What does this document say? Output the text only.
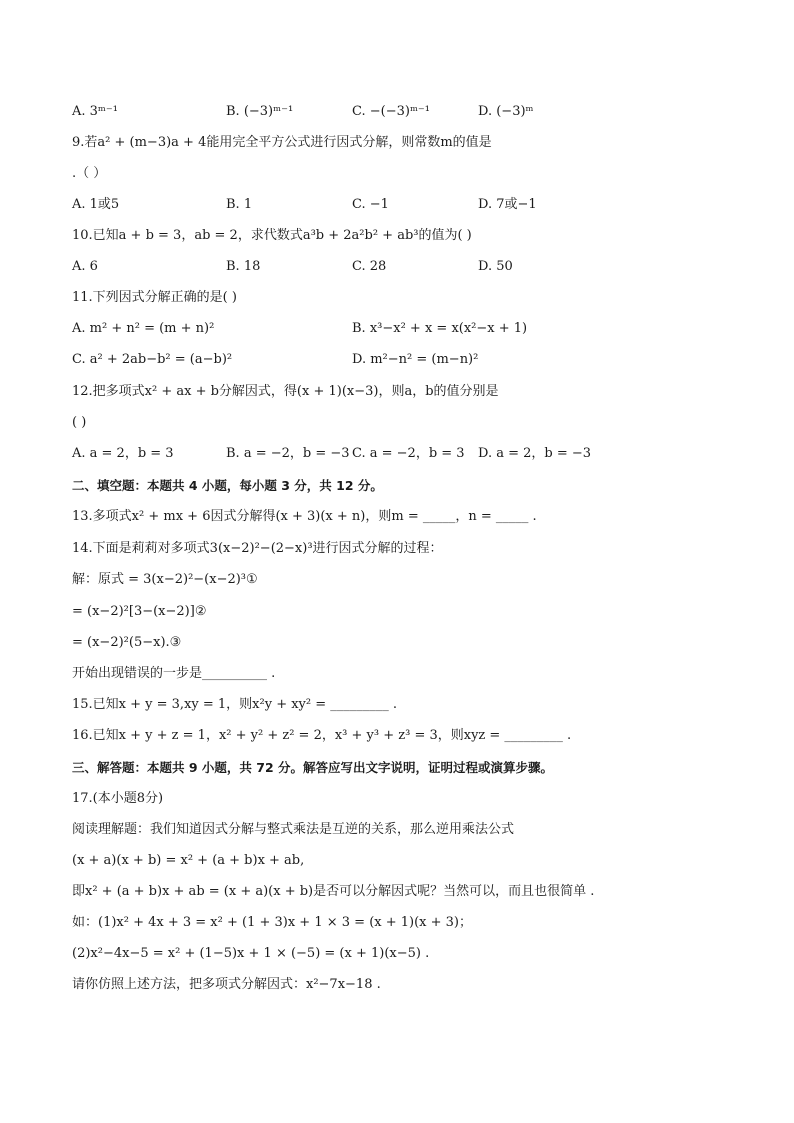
A. 3ᵐ⁻¹	B. (−3)ᵐ⁻¹	C. −(−3)ᵐ⁻¹	D. (−3)ᵐ
9.若a² + (m−3)a + 4能用完全平方公式进行因式分解，则常数m的值是
.（ ）
A. 1或5	B. 1	C. −1	D. 7或−1
10.已知a + b = 3，ab = 2，求代数式a³b + 2a²b² + ab³的值为( )
A. 6	B. 18	C. 28	D. 50
11.下列因式分解正确的是( )
A. m² + n² = (m + n)²	B. x³−x² + x = x(x²−x + 1)
C. a² + 2ab−b² = (a−b)²	D. m²−n² = (m−n)²
12.把多项式x² + ax + b分解因式，得(x + 1)(x−3)，则a，b的值分别是
( )
A. a = 2，b = 3	B. a = −2，b = −3 C. a = −2，b = 3 D. a = 2，b = −3
二、填空题：本题共 4 小题，每小题 3 分，共 12 分。
13.多项式x² + mx + 6因式分解得(x + 3)(x + n)，则m = _____，n = _____ .
14.下面是莉莉对多项式3(x−2)²−(2−x)³进行因式分解的过程：
解：原式 = 3(x−2)²−(x−2)³①
= (x−2)²[3−(x−2)]②
= (x−2)²(5−x).③
开始出现错误的一步是__________ .
15.已知x + y = 3,xy = 1，则x²y + xy² = _________ .
16.已知x + y + z = 1，x² + y² + z² = 2，x³ + y³ + z³ = 3，则xyz = _________ .
三、解答题：本题共 9 小题，共 72 分。解答应写出文字说明，证明过程或演算步骤。
17.(本小题8分)
阅读理解题：我们知道因式分解与整式乘法是互逆的关系，那么逆用乘法公式
(x + a)(x + b) = x² + (a + b)x + ab,
即x² + (a + b)x + ab = (x + a)(x + b)是否可以分解因式呢？当然可以，而且也很简单 .
如：(1)x² + 4x + 3 = x² + (1 + 3)x + 1 × 3 = (x + 1)(x + 3)；
(2)x²−4x−5 = x² + (1−5)x + 1 × (−5) = (x + 1)(x−5) .
请你仿照上述方法，把多项式分解因式：x²−7x−18 .
